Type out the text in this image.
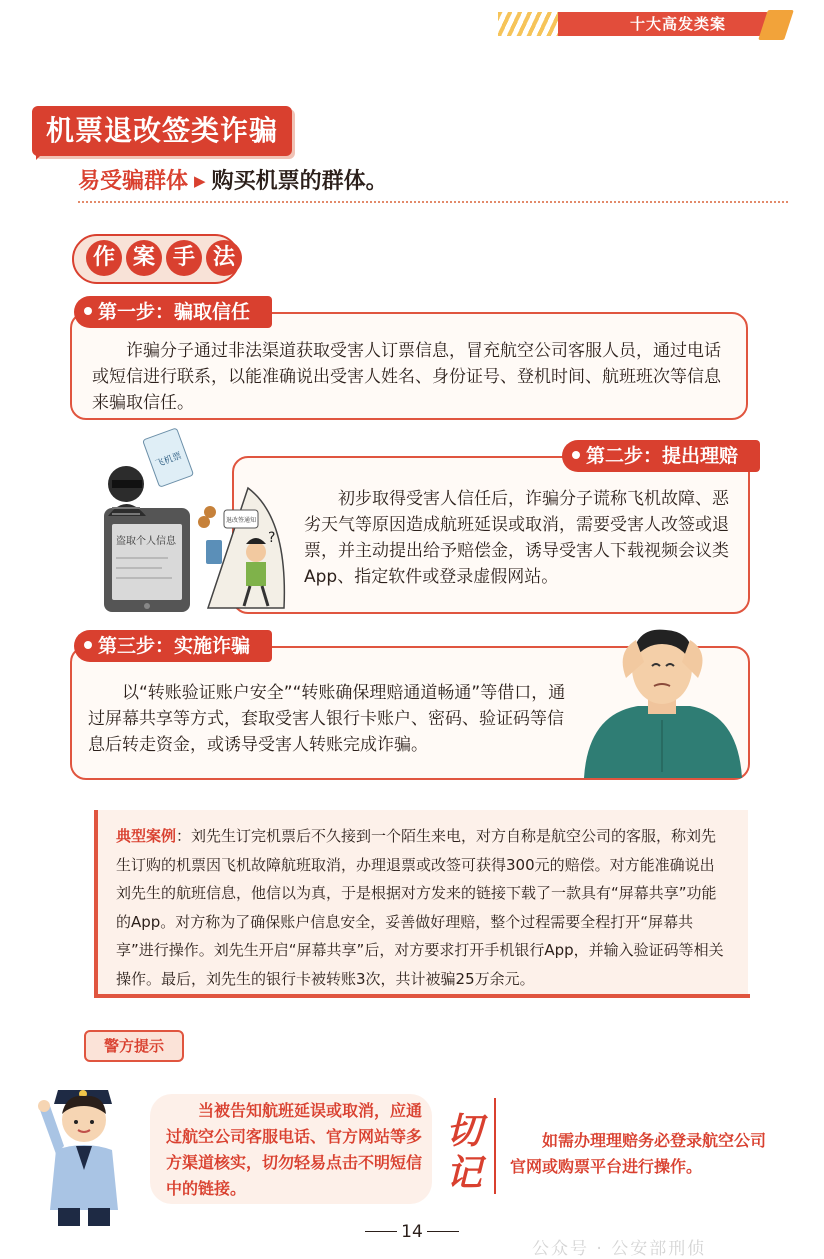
十大高发类案
机票退改签类诈骗
易受骗群体 ▶ 购买机票的群体。
作 案 手 法
第一步：骗取信任
诈骗分子通过非法渠道获取受害人订票信息，冒充航空公司客服人员，通过电话或短信进行联系，以能准确说出受害人姓名、身份证号、登机时间、航班班次等信息来骗取信任。
第二步：提出理赔
初步取得受害人信任后，诈骗分子谎称飞机故障、恶劣天气等原因造成航班延误或取消，需要受害人改签或退票，并主动提出给予赔偿金，诱导受害人下载视频会议类 App、指定软件或登录虚假网站。
盗取个人信息
飞机票
退改签通知
?
第三步：实施诈骗
以“转账验证账户安全”“转账确保理赔通道畅通”等借口，通过屏幕共享等方式，套取受害人银行卡账户、密码、验证码等信息后转走资金，或诱导受害人转账完成诈骗。
典型案例：刘先生订完机票后不久接到一个陌生来电，对方自称是航空公司的客服，称刘先生订购的机票因飞机故障航班取消，办理退票或改签可获得300元的赔偿。对方能准确说出刘先生的航班信息，他信以为真，于是根据对方发来的链接下载了一款具有“屏幕共享”功能的App。对方称为了确保账户信息安全，妥善做好理赔，整个过程需要全程打开“屏幕共享”进行操作。刘先生开启“屏幕共享”后，对方要求打开手机银行App，并输入验证码等相关操作。最后，刘先生的银行卡被转账3次，共计被骗25万余元。
警方提示
当被告知航班延误或取消，应通过航空公司客服电话、官方网站等多方渠道核实，切勿轻易点击不明短信中的链接。
切记
如需办理理赔务必登录航空公司官网或购票平台进行操作。
14
公众号 · 公安部刑侦
